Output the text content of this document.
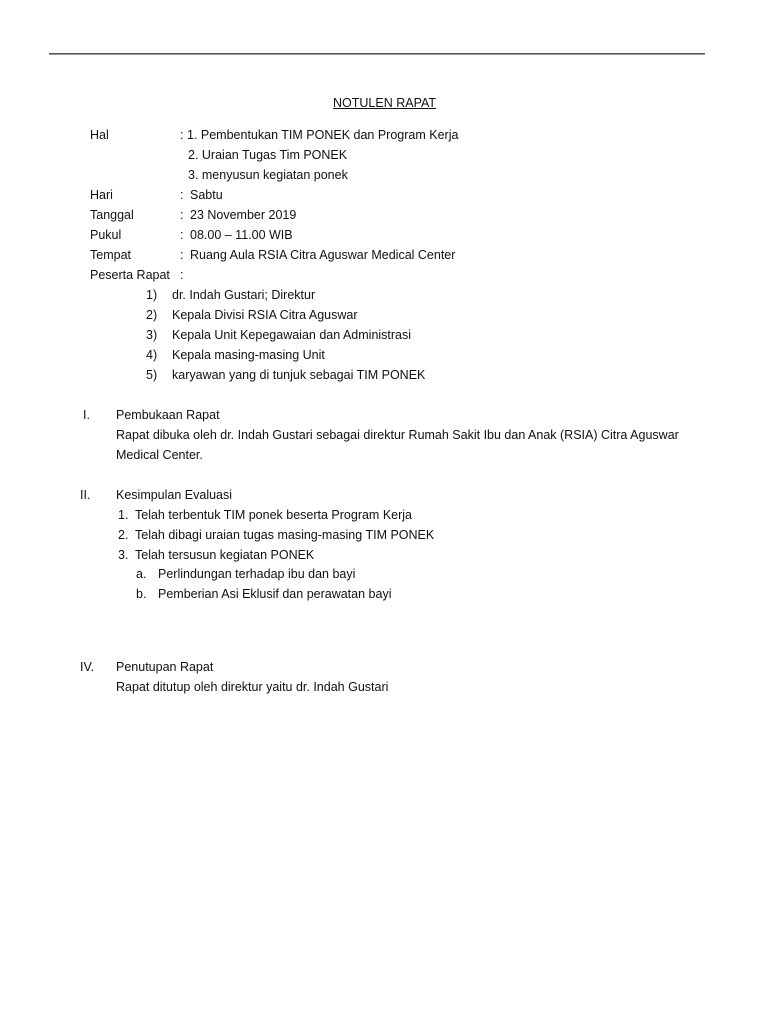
NOTULEN RAPAT
Hal	: 1. Pembentukan TIM PONEK dan Program Kerja
2. Uraian Tugas Tim PONEK
3. menyusun kegiatan ponek
Hari	: Sabtu
Tanggal	: 23 November 2019
Pukul	: 08.00 – 11.00 WIB
Tempat	: Ruang Aula RSIA Citra Aguswar Medical Center
Peserta Rapat :
1) dr. Indah Gustari; Direktur
2) Kepala Divisi RSIA Citra Aguswar
3) Kepala Unit Kepegawaian dan Administrasi
4) Kepala masing-masing Unit
5) karyawan yang di tunjuk sebagai TIM PONEK
I. Pembukaan Rapat
Rapat dibuka oleh dr. Indah Gustari sebagai direktur Rumah Sakit Ibu dan Anak (RSIA) Citra Aguswar
Medical Center.
II. Kesimpulan Evaluasi
1. Telah terbentuk TIM ponek beserta Program Kerja
2. Telah dibagi uraian tugas masing-masing TIM PONEK
3. Telah tersusun kegiatan PONEK
a. Perlindungan terhadap ibu dan bayi
b. Pemberian Asi Eklusif dan perawatan bayi
IV. Penutupan Rapat
Rapat ditutup oleh direktur yaitu dr. Indah Gustari
